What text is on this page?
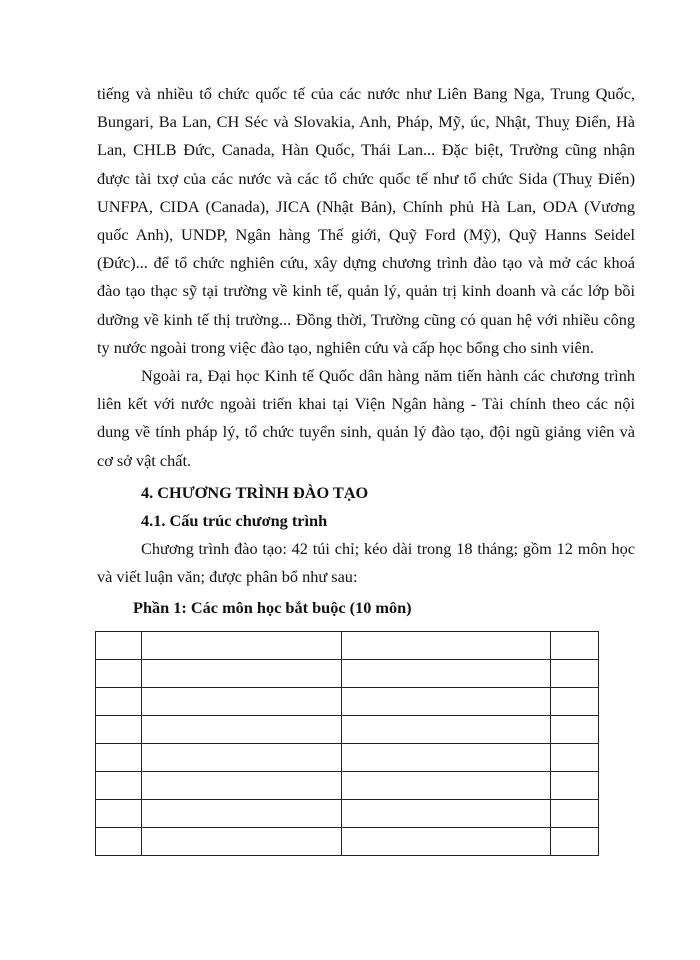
tiếng và nhiều tổ chức quốc tế của các nước như Liên Bang Nga, Trung Quốc, Bungari, Ba Lan, CH Séc và Slovakia, Anh, Pháp, Mỹ, úc, Nhật, Thuỵ Điển, Hà Lan, CHLB Đức, Canada, Hàn Quốc, Thái Lan... Đặc biệt, Trường cũng nhận được tài txợ của các nước và các tổ chức quốc tế như tổ chức Sida (Thuỵ Điển) UNFPA, CIDA (Canada), JICA (Nhật Bản), Chính phủ Hà Lan, ODA (Vương quốc Anh), UNDP, Ngân hàng Thế giới, Quỹ Ford (Mỹ), Quỹ Hanns Seidel (Đức)... để tổ chức nghiên cứu, xây dựng chương trình đào tạo và mở các khoá đào tạo thạc sỹ tại trường về kinh tế, quản lý, quản trị kinh doanh và các lớp bồi dưỡng về kinh tế thị trường... Đồng thời, Trường cũng có quan hệ với nhiều công ty nước ngoài trong việc đào tạo, nghiên cứu và cấp học bổng cho sinh viên.

Ngoài ra, Đại học Kinh tế Quốc dân hàng năm tiến hành các chương trình liên kết với nước ngoài triển khai tại Viện Ngân hàng - Tài chính theo các nội dung về tính pháp lý, tổ chức tuyển sinh, quản lý đào tạo, đội ngũ giảng viên và cơ sở vật chất.

4. CHƯƠNG TRÌNH ĐÀO TẠO
4.1. Cấu trúc chương trình

Chương trình đào tạo: 42 túi chỉ; kéo dài trong 18 tháng; gồm 12 môn học và viết luận văn; được phân bổ như sau:

Phần 1: Các môn học bắt buộc (10 môn)
